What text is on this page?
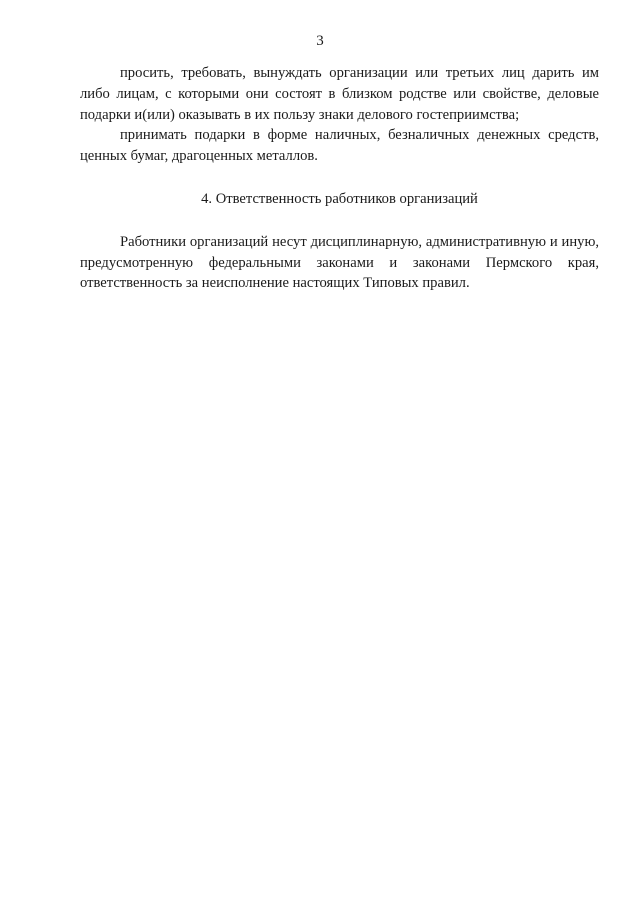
3

просить, требовать, вынуждать организации или третьих лиц дарить им либо лицам, с которыми они состоят в близком родстве или свойстве, деловые подарки и(или) оказывать в их пользу знаки делового гостеприимства;

принимать подарки в форме наличных, безналичных денежных средств, ценных бумаг, драгоценных металлов.

4. Ответственность работников организаций

Работники организаций несут дисциплинарную, административную и иную, предусмотренную федеральными законами и законами Пермского края, ответственность за неисполнение настоящих Типовых правил.
